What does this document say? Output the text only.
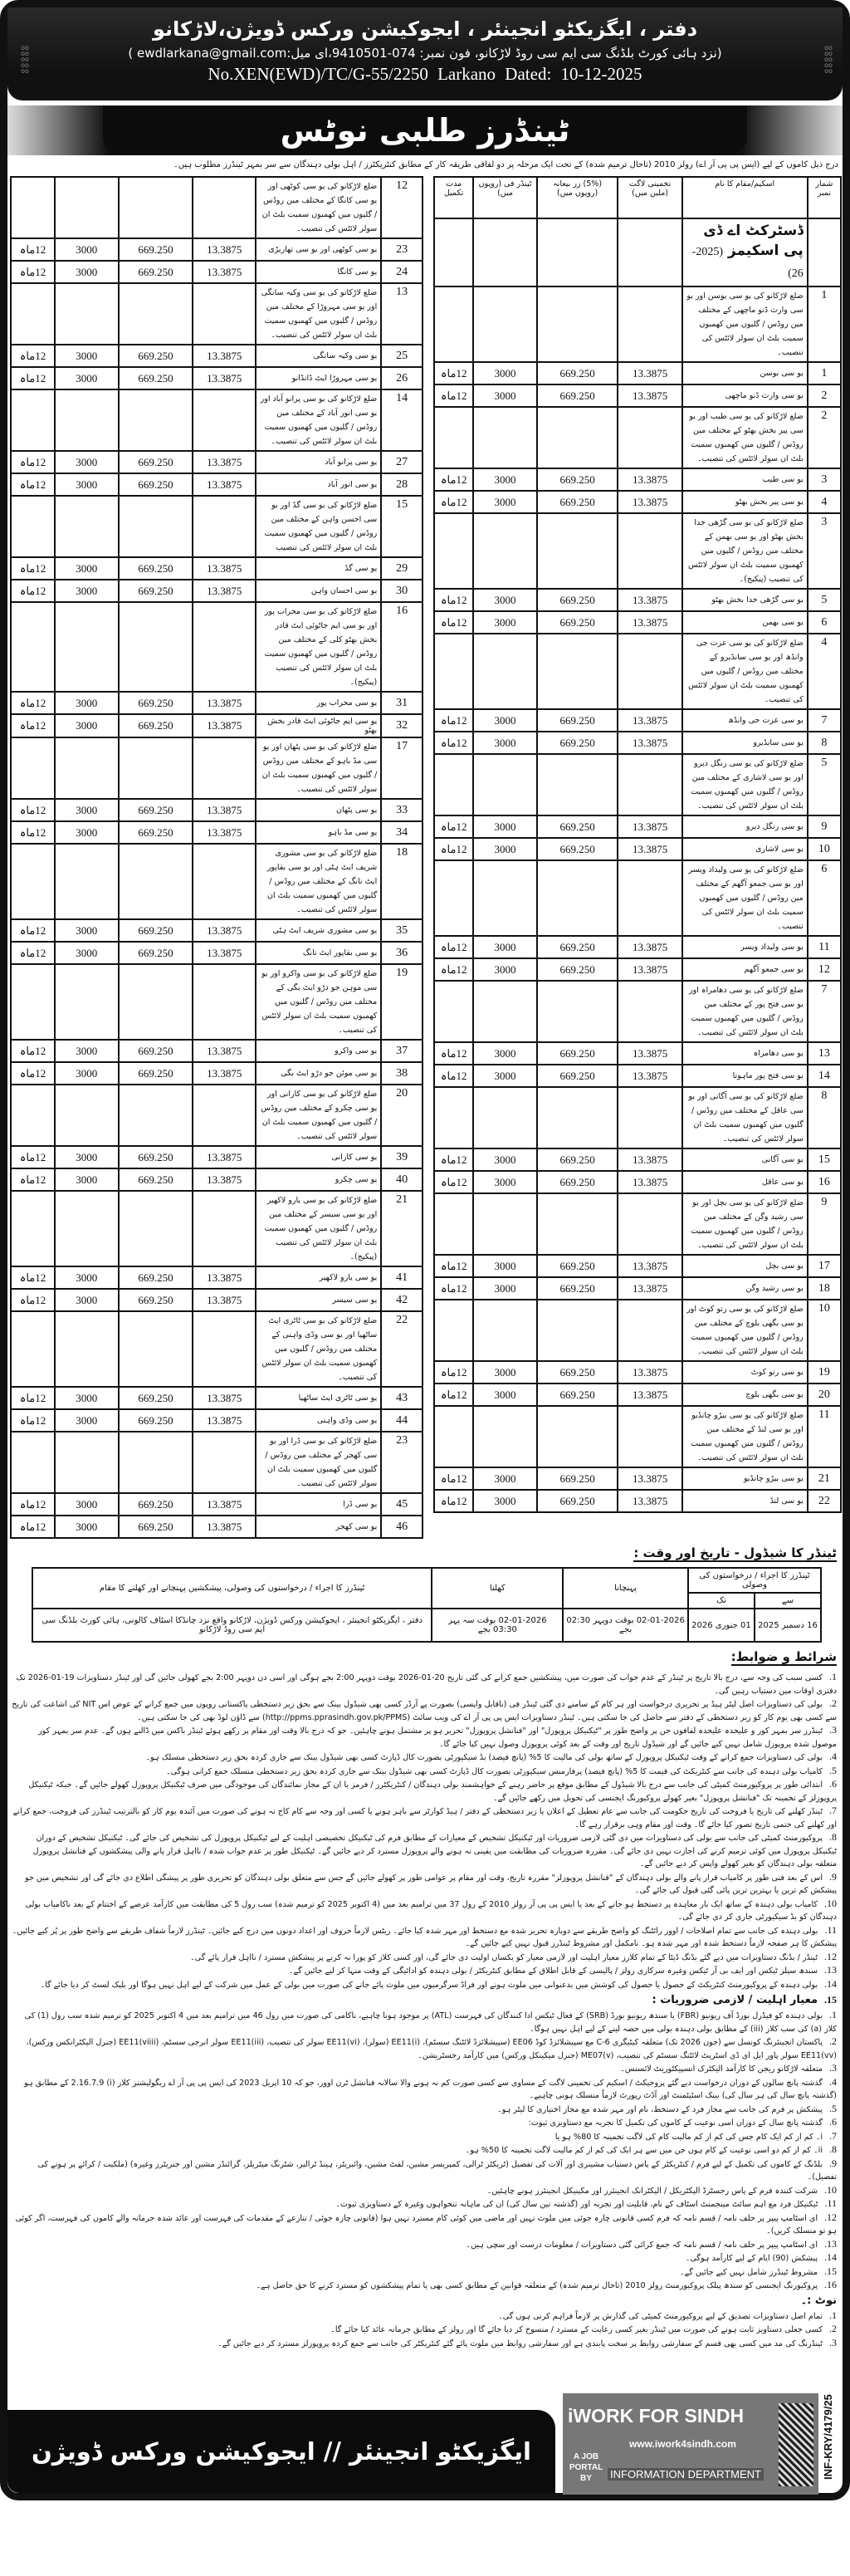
oo
oo
oo
oo
oo
oo
oo
oo
oo
oo
دفتر ، ایگزیکٹو انجینئر ، ایجوکیشن ورکس ڈویژن،لاڑکانو
(نزد ہائی کورٹ بلڈنگ سی ایم سی روڈ لاڑکانو، فون نمبر: 074-9410501،ای میل:ewdlarkana@gmail.com )
No.XEN(EWD)/TC/G-55/2250 Larkano Dated: 10-12-2025
ٹینڈرز طلبی نوٹس
درج ذیل کاموں کے لیے (ایس پی پی آر اے) رولز 2010 (تاحال ترمیم شدہ) کے تحت ایک مرحلہ پر دو لفافی طریقہ کار کے مطابق کنٹریکٹرز / اہل بولی دہندگان سے سر بمہر ٹینڈرز مطلوب ہیں۔
شمار نمبر	اسکیم/مقام کا نام	تخمینی لاگت (ملین میں)	(5%) زر بیعانہ (روپوں میں)	ٹینڈر فی (روپوں میں)	مدت تکمیل
	ڈسٹرکٹ اے ڈی پی اسکیمز (2025-26)				
1	ضلع لاڑکانو کی یو سی بوسن اور یو سی وارث ڈنو ماچھی کے مختلف مین روڈس / گلیوں میں کھمبوں سمیت بلٹ ان سولر لائٹس کی تنصیب۔				
1	یو سی بوسن	13.3875	669.250	3000	12ماہ
2	یو سی وارث ڈنو ماچھی	13.3875	669.250	3000	12ماہ
2	ضلع لاڑکانو کی یو سی طیب اور یو سی پیر بخش بھٹو کے مختلف مین روڈس / گلیوں میں کھمبوں سمیت بلٹ ان سولر لائٹس کی تنصیب۔				
3	یو سی طیب	13.3875	669.250	3000	12ماہ
4	یو سی پیر بخش بھٹو	13.3875	669.250	3000	12ماہ
3	ضلع لاڑکانو کی یو سی گڑھی خدا بخش بھٹو اور یو سی بھمن کے مختلف مین روڈس / گلیوں میں کھمبوں سمیت بلٹ ان سولر لائٹس کی تنصیب (پیکیج)۔				
5	یو سی گڑھی خدا بخش بھٹو	13.3875	669.250	3000	12ماہ
6	یو سی بھمن	13.3875	669.250	3000	12ماہ
4	ضلع لاڑکانو کی یو سی عزت جی وانڈھ اور یو سی سانڈیرو کے مختلف مین روڈس / گلیوں میں کھمبوں سمیت بلٹ ان سولر لائٹس کی تنصیب۔				
7	یو سی عزت جی وانڈھ	13.3875	669.250	3000	12ماہ
8	یو سی سانڈیرو	13.3875	669.250	3000	12ماہ
5	ضلع لاڑکانو کی یو سی رنگل دیرو اور یو سی لاشاری کے مختلف مین روڈس / گلیوں میں کھمبوں سمیت بلٹ ان سولر لائٹس کی تنصیب۔				
9	یو سی رنگل دیرو	13.3875	669.250	3000	12ماہ
10	یو سی لاشاری	13.3875	669.250	3000	12ماہ
6	ضلع لاڑکانو کی یو سی ولیداد ویسر اور یو سی جمعو آگھم کے مختلف مین روڈس / گلیوں میں کھمبوں سمیت بلٹ ان سولر لائٹس کی تنصیب۔				
11	یو سی ولیداد ویسر	13.3875	669.250	3000	12ماہ
12	یو سی جمعو آگھم	13.3875	669.250	3000	12ماہ
7	ضلع لاڑکانو کی یو سی دھامراہ اور یو سی فتح پور کے مختلف مین روڈس / گلیوں میں کھمبوں سمیت بلٹ ان سولر لائٹس کی تنصیب۔				
13	یو سی دھامراہ	13.3875	669.250	3000	12ماہ
14	یو سی فتح پور ماہوتا	13.3875	669.250	3000	12ماہ
8	ضلع لاڑکانو کی یو سی آگانی اور یو سی عاقل کے مختلف مین روڈس / گلیوں میں کھمبوں سمیت بلٹ ان سولر لائٹس کی تنصیب۔				
15	یو سی آگانی	13.3875	669.250	3000	12ماہ
16	یو سی عاقل	13.3875	669.250	3000	12ماہ
9	ضلع لاڑکانو کی یو سی بچل اور یو سی رشید وگن کے مختلف مین روڈس / گلیوں میں کھمبوں سمیت بلٹ ان سولر لائٹس کی تنصیب۔				
17	یو سی بچل	13.3875	669.250	3000	12ماہ
18	یو سی رشید وگن	13.3875	669.250	3000	12ماہ
10	ضلع لاڑکانو کی یو سی رتو کوٹ اور یو سی بگھی بلوچ کے مختلف مین روڈس / گلیوں میں کھمبوں سمیت بلٹ ان سولر لائٹس کی تنصیب۔				
19	یو سی رتو کوٹ	13.3875	669.250	3000	12ماہ
20	یو سی بگھی بلوچ	13.3875	669.250	3000	12ماہ
11	ضلع لاڑکانو کی یو سی بیڑو چانڈیو اور یو سی لنڈ کے مختلف مین روڈس / گلیوں میں کھمبوں سمیت بلٹ ان سولر لائٹس کی تنصیب۔				
21	یو سی بیڑو چانڈیو	13.3875	669.250	3000	12ماہ
22	یو سی لنڈ	13.3875	669.250	3000	12ماہ
12	ضلع لاڑکانو کی یو سی کوٹھی اور یو سی کانگا کے مختلف مین روڈس / گلیوں میں کھمبوں سمیت بلٹ ان سولر لائٹس کی تنصیب۔				
23	یو سی کوٹھی اور یو سی تھاریڑی	13.3875	669.250	3000	12ماہ
24	یو سی کانگا	13.3875	669.250	3000	12ماہ
13	ضلع لاڑکانو کی یو سی وکیہ سانگی اور یو سی مہروڑا کے مختلف مین روڈس / گلیوں میں کھمبوں سمیت بلٹ ان سولر لائٹس کی تنصیب۔				
25	یو سی وکیہ سانگی	13.3875	669.250	3000	12ماہ
26	یو سی مہروڑا ایٹ ڈانڈانو	13.3875	669.250	3000	12ماہ
14	ضلع لاڑکانو کی یو سی پرانو آباد اور یو سی انور آباد کے مختلف مین روڈس / گلیوں میں کھمبوں سمیت بلٹ ان سولر لائٹس کی تنصیب۔				
27	یو سی پرانو آباد	13.3875	669.250	3000	12ماہ
28	یو سی انور آباد	13.3875	669.250	3000	12ماہ
15	ضلع لاڑکانو کی یو سی گڈ اور یو سی احسن واہن کے مختلف مین روڈس / گلیوں میں کھمبوں سمیت بلٹ ان سولر لائٹس کی تنصیب				
29	یو سی گڈ	13.3875	669.250	3000	12ماہ
30	یو سی احسان واہن	13.3875	669.250	3000	12ماہ
16	ضلع لاڑکانو کی یو سی محراب پور اور یو سی ایم جاٹوئی ایٹ قادر بخش بھٹو کلی کے مختلف مین روڈس / گلیوں میں کھمبوں سمیت بلٹ ان سولر لائٹس کی تنصیب (پیکیج)۔				
31	یو سی محراب پور	13.3875	669.250	3000	12ماہ
32	یو سی ایم جاٹوئی ایٹ قادر بخش بھٹو	13.3875	669.250	3000	12ماہ
17	ضلع لاڑکانو کی یو سی پٹھان اور یو سی مڈ باہو کے مختلف مین روڈس / گلیوں میں کھمبوں سمیت بلٹ ان سولر لائٹس کی تنصیب۔				
33	یو سی پٹھان	13.3875	669.250	3000	12ماہ
34	یو سی مڈ باہو	13.3875	669.250	3000	12ماہ
18	ضلع لاڑکانو کی یو سی مشوری شریف ایٹ ہٹی اور یو سی بقاپور ایٹ نانگ کے مختلف مین روڈس / گلیوں میں کھمبوں سمیت بلٹ ان سولر لائٹس کی تنصیب۔				
35	یو سی مشوری شریف ایٹ ہٹی	13.3875	669.250	3000	12ماہ
36	یو سی بقاپور ایٹ نانگ	13.3875	669.250	3000	12ماہ
19	ضلع لاڑکانو کی یو سی واکرو اور یو سی موہن جو دڑو ایٹ بگی کے مختلف مین روڈس / گلیوں میں کھمبوں سمیت بلٹ ان سولر لائٹس کی تنصیب۔				
37	یو سی واکرو	13.3875	669.250	3000	12ماہ
38	یو سی موئن جو دڑو ایٹ بگی	13.3875	669.250	3000	12ماہ
20	ضلع لاڑکانو کی یو سی کارانی اور یو سی چکرو کے مختلف مین روڈس / گلیوں میں کھمبوں سمیت بلٹ ان سولر لائٹس کی تنصیب۔				
39	یو سی کارانی	13.3875	669.250	3000	12ماہ
40	یو سی چکرو	13.3875	669.250	3000	12ماہ
21	ضلع لاڑکانو کی یو سی یارو لاکھیر اور یو سی سیسر کے مختلف مین روڈس / گلیوں میں کھمبوں سمیت بلٹ ان سولر لائٹس کی تنصیب (پیکیج)۔				
41	یو سی یارو لاکھیر	13.3875	669.250	3000	12ماہ
42	یو سی سیسر	13.3875	669.250	3000	12ماہ
22	ضلع لاڑکانو کی یو سی ٹاٹری ایٹ ساٹھیا اور یو سی وڈی واہنی کے مختلف مین روڈس / گلیوں میں کھمبوں سمیت بلٹ ان سولر لائٹس کی تنصیب۔				
43	یو سی ٹاٹری ایٹ ساٹھیا	13.3875	669.250	3000	12ماہ
44	یو سی وڈی واہنی	13.3875	669.250	3000	12ماہ
23	ضلع لاڑکانو کی یو سی ڈرا اور یو سی کھجر کے مختلف مین روڈس / گلیوں میں کھمبوں سمیت بلٹ ان سولر لائٹس کی تنصیب۔				
45	یو سی ڈرا	13.3875	669.250	3000	12ماہ
46	یو سی کھجر	13.3875	669.250	3000	12ماہ
ٹینڈر کا شیڈول - تاریخ اور وقت :
ٹینڈرز کا اجراء / درخواستوں کی وصولی		پہنچانا	کھلنا	ٹینڈرز کا اجراء / درخواستوں کی وصولی، پیشکشیں پہنچانے اور کھلنے کا مقام
سے	تک			
16 دسمبر 2025	01 جنوری 2026	02-01-2026 بوقت دوپہر 02:30 بجے	02-01-2026 بوقت سہ پہر 03:30 بجے	دفتر ، ایگزیکٹو انجینئر ، ایجوکیشن ورکس ڈویژن، لاڑکانو واقع نزد چانڈکا اسٹاف کالونی، ہائی کورٹ بلڈنگ سی ایم سی روڈ لاڑکانو
شرائط و ضوابط:
1.کسی سبب کی وجہ سے، درج بالا تاریخ پر ٹینڈر کے عدم جواب کی صورت میں، پیشکشیں جمع کرانے کی گئی تاریخ 20-01-2026 بوقت دوپہر 2:00 بجے ہوگی اور اسی دن دوپہر 2:00 بجے کھولی جائیں گی اور ٹینڈر دستاویزات 19-01-2026 تک دفتری اوقات میں دستیاب رہیں گی۔
2.بولی کی دستاویزات اصل لیٹر ہیڈ پر تحریری درخواست اور ہر کام کے سامنے دی گئی ٹینڈر فی (ناقابل واپسی) بصورت پے آرڈر کسی بھی شیڈول بینک سے بحق زیر دستخطی پاکستانی روپوں میں جمع کرانے کے عوض اس NIT کی اشاعت کی تاریخ سے کسی بھی یوم کار کو زیر دستخطی کے دفتر سے حاصل کی جا سکتی ہیں۔ ٹینڈر دستاویزات ایس پی پی آر اے کی ویب سائٹ (http://ppms.pprasindh.gov.pk/PPMS) سے ڈاؤن لوڈ بھی کی جا سکتی ہیں۔
3.ٹینڈرز سر بمہر کور و علیحدہ علیحدہ لفافوں جن پر واضح طور پر "ٹیکنیکل پروپوزل" اور "فنانشل پروپوزل" تحریر ہو پر مشتمل ہونے چاہئیں۔ جو کہ درج بالا وقت اور مقام پر رکھے ہوئے ٹینڈر باکس میں ڈالنے ہوں گے۔ عدم سر بمہر کور موصول شدہ پروپوزل شامل نہیں کیے جائیں گے اور شیڈول تاریخ اور وقت کے بعد کوئی پروپوزل وصول نہیں کیا جائے گا۔
4.بولی کی دستاویزات جمع کرانے کے وقت ٹیکنیکل پروپوزل کے ساتھ بولی کی مالیت کا 5% (پانچ فیصد) بڈ سیکیورٹی بصورت کال ڈپازٹ کسی بھی شیڈول بینک سے جاری کردہ بحق زیر دستخطی منسلک ہو۔
5.کامیاب بولی دہندہ کی جانب سے کنٹریکٹ کی قیمت کا 5% (پانچ فیصد) پرفارمنس سیکیورٹی بصورت کال ڈپازٹ کسی بھی شیڈول بینک سے جاری کردہ بحق زیر دستخطی منسلک جمع کرانی ہوگی۔
6.ابتدائی طور پر پروکیورمنٹ کمیٹی کی جانب سے درج بالا شیڈول کے مطابق موقع پر حاضر رہنے کے خواہشمند بولی دہندگان / کنٹریکٹرز / فرمز یا ان کے مجاز نمائندگان کی موجودگی میں صرف ٹیکنیکل پروپوزل کھولے جائیں گے۔ جبکہ ٹیکنیکل پروپوزلز کے تخمینہ تک "فنانشل پروپوزل" بغیر کھولے پروکیورنگ ایجنسی کی تحویل میں رکھے جائیں گے۔
7.ٹینڈر کھلنے کی تاریخ یا فروخت کی تاریخ حکومت کی جانب سے عام تعطیل کے اعلان یا زیر دستخطی کے دفتر / ہیڈ کوارٹر سے باہر ہونے یا کسی اور وجہ سے کام کاج نہ ہونے کی صورت میں آئندہ یوم کار کو بالترتیب ٹینڈرز کی فروخت، جمع کرانے اور کھلنے کی حتمی تاریخ تصور کیا جائے گا۔ وقت اور مقام وہی برقرار رہے گا۔
8.پروکیورمنٹ کمیٹی کی جانب سے بولی کی دستاویزات میں دی گئی لازمی ضروریات اور ٹیکنیکل تشخیص کے معیارات کے مطابق فرم کی ٹیکنیکل تخصیصی اہلیت کے لیے ٹیکنیکل پروپوزل کی تشخیص کی جائے گی۔ ٹیکنیکل تشخیص کے دوران ٹیکنیکل پروپوزل میں کوئی ترمیم کرنے کی اجازت نہیں دی جائے گی۔ مقررہ ضروریات کی مطابقت میں یقینی نہ ہونے والے پروپوزل مسترد کر دیے جائیں گے۔ ٹیکنیکل طور پر عدم جواب شدہ / نااہل قرار پانے والی پیشکشوں کے فنانشل پروپوزل متعلقہ بولی دہندگان کو بغیر کھولے واپس کر دیے جائیں گے۔
9.اس کے بعد فنی طور پر کامیاب قرار پانے والے بولی دہندگان کے "فنانشل پروپوزلز" مقررہ تاریخ، وقت اور مقام پر عوامی طور پر کھولے جائیں گے جس سے متعلق بولی دہندگان کو تحریری طور پر پیشگی اطلاع دی جائے گی اور تشخیص میں جو پیشکش کم ترین یا بہترین ترین پائی گئی قبول کی جائے گی۔
10.کامیاب بولی دہندہ کے ساتھ ایک بار معاہدہ پر دستخط ہو جانے کے بعد یا ایس پی پی آر رولز 2010 کے رول 37 میں ترامیم بعد میں (4 اکتوبر 2025 کو ترمیم شدہ) سب رول 5 کی مطابقت میں کارآمد عرصے کے اختتام کے بعد ناکامیاب بولی دہندگان کو بڈ سیکیورٹی جاری کر دی جائے گی۔
11.بولی دہندہ کی جانب سے تمام اصلاحات / اوور رائٹنگ کو واضح طریقے سے دوبارہ تحریر شدہ مع دستخط اور مہر شدہ کیا جائے۔ ریٹس لازماً حروف اور اعداد دونوں میں درج کیے جائیں۔ ٹینڈرز لازماً شفاف طریقے سے واضح طور پر پُر کیے جائیں۔ پیشکش کا ہر صفحہ لازماً دستخط شدہ اور مہر شدہ ہو۔ نامکمل اور مشروط ٹینڈرز قبول نہیں کیے جائیں گے۔
12.ٹینڈر / بڈنگ دستاویزات میں دیے گئے بڈنگ ڈیٹا کے تمام کلازز معیار اہلیت اور لازمی معیار کو یکساں اولیت دی جائے گی، اور کسی کلاز کو پورا نہ کرنے پر پیشکش مسترد / نااہل قرار پائے گی۔
13.سندھ سیلز ٹیکس اور ایف بی آر ٹیکس وغیرہ سرکاری رولز / پالیسی کے قابل اطلاق کے مطابق کنٹریکٹر / بولی دہندہ کو ادائیگی کے وقت منہا کر لیے جائیں گے۔
14.بولی دہندہ کے پروکیورمنٹ کنٹریکٹ کے حصول یا حصول کی کوشش میں بدعنوانی میں ملوث ہونے اور فراڈ سرگرمیوں میں ملوث پائے جانے کی صورت میں بولی کے عمل میں شرکت کے لیے اہل نہیں ہوگا اور بلیک لسٹ کر دیا جائے گا۔
15.معیار اہلیت / لازمی ضروریات :
1.بولی دہندہ کو فیڈرل بورڈ آف ریونیو (FBR) یا سندھ ریونیو بورڈ (SRB) کے فعال ٹیکس ادا کنندگان کی فہرست (ATL) پر موجود ہونا چاہیے، ناکامی کی صورت میں رول 46 میں ترامیم بعد میں 4 اکتوبر 2025 کو ترمیم شدہ سب رول (1) کی کلاز (a) کی سب کلاز (iii) کے مطابق بولی دہندہ بولی میں حصہ لینے کے لیے اہل نہیں ہوگا۔
2.پاکستان انجینئرنگ کونسل سے (جون 2026 تک) متعلقہ کیٹیگری C-6 مع سپیشلائزڈ کوڈ EE06 (سپیشلائزڈ لائٹنگ سسٹم)، EE11(i) (سولر)، EE11(vi) سولر کی تنصیب، EE11(iii) سولر انرجی سسٹم، EE11(viiii) (جنرل الیکٹرانکس ورکس)، EE11(vv) سولر پاور ایل ای ڈی اسٹریٹ لائٹنگ سسٹم کی تنصیب، ME07(v) (جنرل میکینکل ورکس) میں کارآمد رجسٹریشن۔
3.متعلقہ لاڑکانو ریجن کا کارآمد الیکٹرک انسپیکٹوریٹ لائسنس۔
4.گذشتہ پانچ سالوں کے دوران درخواست دیے گئے پروجیکٹ / اسکیم کی تخمینی لاگت کے مساوی سے کسی صورت کم نہ ہونے والا سالانہ فنانشل ٹرن اوور، جو کہ 10 اپریل 2023 کی ایس پی پی آر اے ریگولیشنز کلاز (i) 2.16.7.9 کے مطابق ہو (گذشتہ پانچ سال کی ہر سال کی) بینک اسٹیٹمنٹ اور آڈٹ رپورٹ لازماً منسلک ہونی چاہیے۔
5.پیشکش پر فرم کی جانب سے مجاز فرد کے دستخط، نام اور مہر شدہ مع مجاز اختیاری کا لیٹر ہو۔
6.گذشتہ پانچ سال کے دوران اسی نوعیت کے کاموں کی تکمیل کا تجربہ مع دستاویزی ثبوت:
7.i۔ کم از کم ایک کام جس کی کم از کم مالیت کام کی لاگت تخمینہ کا 80% ہو یا
8.ii۔ کم از کم دو اسی نوعیت کے کام ہوں جن میں سے ہر ایک کی کم از کم مالیت لاگت تخمینہ کا 50% ہو۔
9.بلڈنگ کے کاموں کی تکمیل کے لیے فرم / کنٹریکٹر کے پاس دستیاب مشینری اور آلات کی تفصیل (ٹریکٹر ٹرالی، کمپریسر مشین، لفٹ مشین، وائبریٹر، ہینڈ ٹرالیز، شٹرنگ میٹریلز، گرائنڈر مشین اور جنریٹرز وغیرہ) (ملکیت / کرائے پر ہونے کی تفصیل)۔
10.شرکت کنندہ فرم کے پاس رجسٹرڈ الیکٹریکل / الیکٹرانک انجینئرز اور مکینیکل انجینئرز ہونے چاہئیں۔
11.ٹیکنیکل فرد مع اہم سائٹ مینجمنٹ اسٹاف کے نام، قابلیت اور تجربہ اور (گذشتہ تین سال کی) ان کی ماہانہ تنخواہوں وغیرہ کے دستاویزی ثبوت۔
12.ای اسٹامپ پیپر پر حلف نامہ / قسم نامہ کہ فرم کسی قانونی چارہ جوئی میں ملوث نہیں اور ماضی میں کوئی کام مسترد نہیں ہوا (قانونی چارہ جوئی / تنازعے کے مقدمات کی فہرست اور عائد شدہ جرمانہ والے کاموں کی فہرست، اگر کوئی ہو تو منسلک کریں)۔
13.ای اسٹامپ پیپر پر حلف نامہ / قسم نامہ کہ جمع کرائی گئی دستاویزات / معلومات درست اور سچی ہیں۔
14.پیشکش (90) ایام کے لیے کارآمد ہوگی۔
15.مشروط ٹینڈرز شامل نہیں کیے جائیں گے۔
16.پروکیورنگ ایجنسی کو سندھ پبلک پروکیورمنٹ رولز 2010 (تاحال ترمیم شدہ) کے متعلقہ قوانین کے مطابق کسی بھی یا تمام پیشکشوں کو مسترد کرنے کا حق حاصل ہے۔
نوٹ :۔
1.تمام اصل دستاویزات تصدیق کے لیے پروکیورمنٹ کمیٹی کی گذارش پر لازماً فراہم کرنی ہوں گی۔
2.کسی جعلی دستاویز ثابت ہونے کی صورت میں ٹینڈر بغیر کسی رعایت کے مسترد / منسوخ کر دیا جائے گا اور رولز کے مطابق جرمانہ عائد کیا جائے گا۔
3.ٹینڈرنگ کی مد میں کسی بھی قسم کے سفارشی روابط پر سخت پابندی ہے اور سفارشی روابط میں ملوث پائے گئے کنٹریکٹر کی جانب سے جمع کردہ پروپوزلز مسترد کر دیے جائیں گے۔
ایگزیکٹو انجینئر // ایجوکیشن ورکس ڈویژن لاڑکانو
iWORK FOR SINDH
www.iwork4sindh.com
A JOB PORTAL BY	INFORMATION DEPARTMENT	INF-KRY/4179/25
